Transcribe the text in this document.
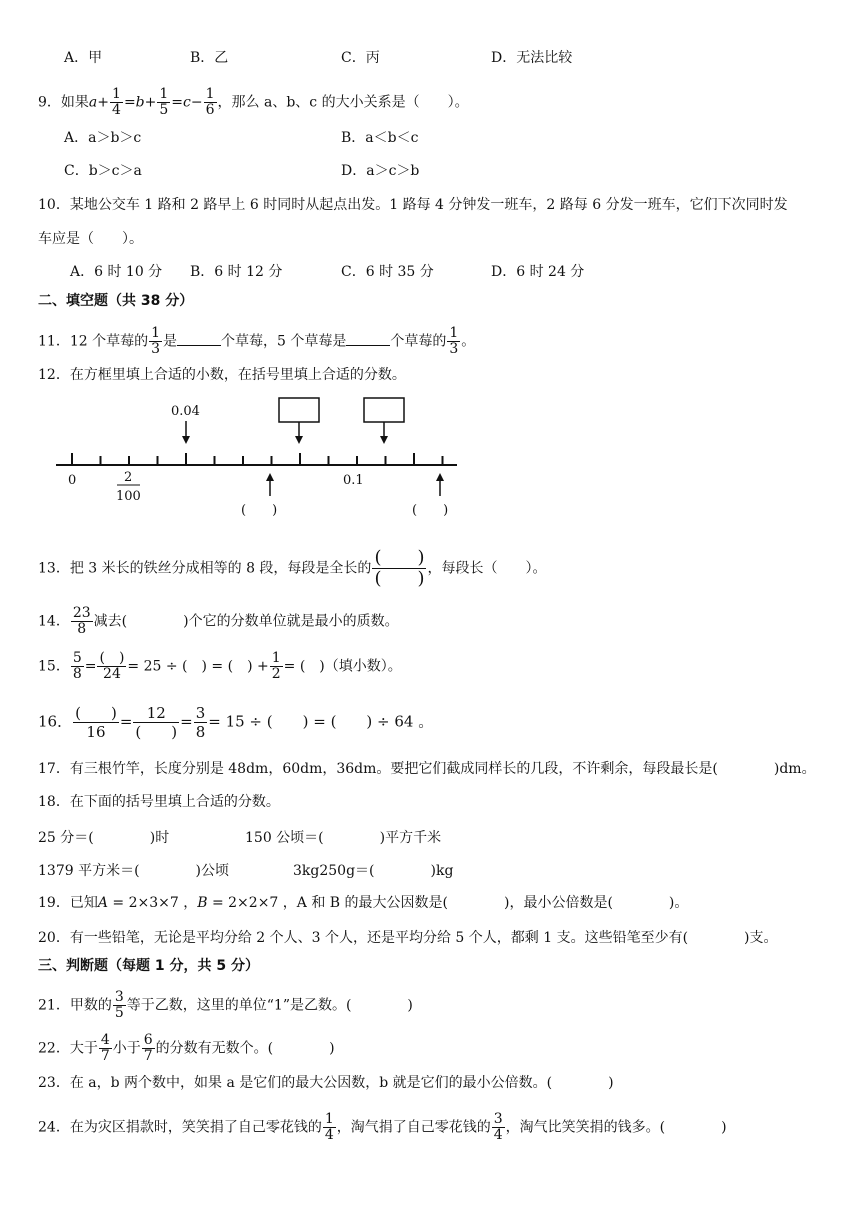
A．甲	B．乙	C．丙	D．无法比较
9．如果$a+ \frac{1}{4} =b+ \frac{1}{5} =c- \frac{1}{6}$ ，那么 a、b、c 的大小关系是（　　）。
A．a＞b＞c	B．a＜b＜c
C．b＞c＞a	D．a＞c＞b
10．某地公交车 1 路和 2 路早上 6 时同时从起点出发。1 路每 4 分钟发一班车，2 路每 6 分发一班车，它们下次同时发
车应是（　　）。
A．6 时 10 分 B．6 时 12 分	C．6 时 35 分	D．6 时 24 分
二、填空题（共 38 分）
11．12 个草莓的 $\frac{1}{3}$ 是	个草莓，5 个草莓是	个草莓的 $\frac{1}{3}$ 。
12．在方框里填上合适的小数，在括号里填上合适的分数。
0.04
0	2
100
0.1
(　　)	(　　)
13．把 3 米长的铁丝分成相等的 8 段，每段是全长的
(　　)
(　　) ，每段长（　　）。
14． $\frac{23}{8}$ 减去(　　　　)个它的分数单位就是最小的质数。
15． $\frac{5}{8}$ =
(　)
24 = 25 ÷ (　) = (　) + $\frac{1}{2}$ = (　)（填小数）。
16． (　　)
16
= 12
(　　)
= $\frac{3}{8} = 15$ ÷ (　　) = (　　) ÷ 64 。
17．有三根竹竿，长度分别是 48dm，60dm，36dm。要把它们截成同样长的几段，不许剩余，每段最长是(　　　　)dm。
18．在下面的括号里填上合适的分数。
25 分＝(　　　　)时	150 公顷＝(　　　　)平方千米
1379 平方米＝(　　　　)公顷	3kg250g＝(　　　　)kg
19．已知A = 2×3×7 ，B = 2×2×7 ，A 和 B 的最大公因数是(　　　　)，最小公倍数是(　　　　)。
20．有一些铅笔，无论是平均分给 2 个人、3 个人，还是平均分给 5 个人，都剩 1 支。这些铅笔至少有(　　　　)支。
三、判断题（每题 1 分，共 5 分）
21．甲数的 $\frac{3}{5}$ 等于乙数，这里的单位“1”是乙数。(　　　　)
22．大于 $\frac{4}{7}$ 小于 $\frac{6}{7}$ 的分数有无数个。(　　　　)
23．在 a，b 两个数中，如果 a 是它们的最大公因数，b 就是它们的最小公倍数。(　　　　)
24．在为灾区捐款时，笑笑捐了自己零花钱的 $\frac{1}{4}$ ，淘气捐了自己零花钱的 $\frac{3}{4}$ ，淘气比笑笑捐的钱多。(　　　　)
